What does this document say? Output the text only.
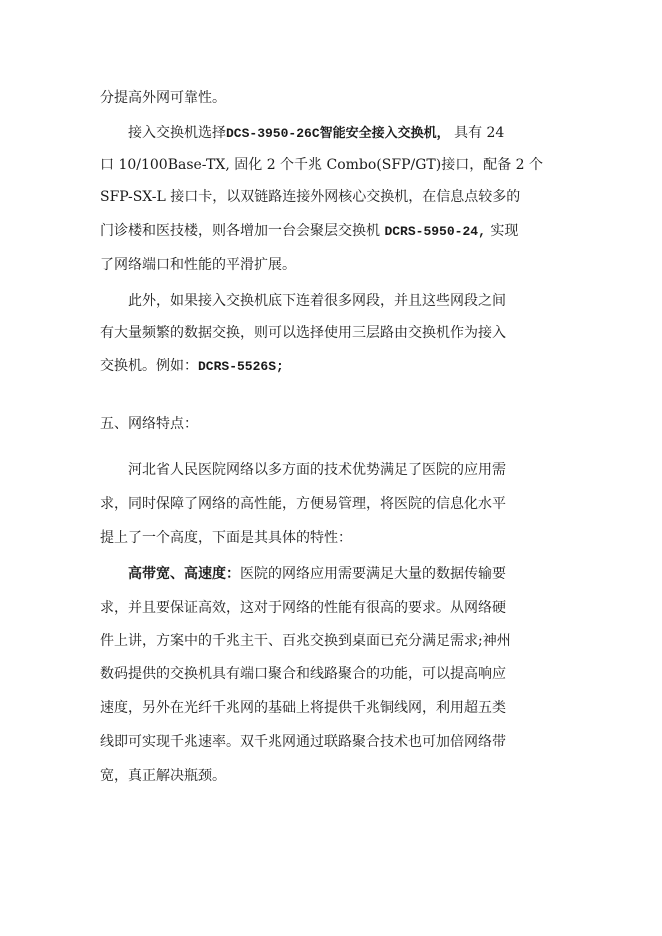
分提高外网可靠性。
接入交换机选择DCS-3950-26C智能安全接入交换机， 具有 24
口 10/100Base-TX, 固化 2 个千兆 Combo(SFP/GT)接口，配备 2 个
SFP-SX-L 接口卡，以双链路连接外网核心交换机，在信息点较多的
门诊楼和医技楼，则各增加一台会聚层交换机 DCRS-5950-24, 实现
了网络端口和性能的平滑扩展。
此外，如果接入交换机底下连着很多网段，并且这些网段之间
有大量频繁的数据交换，则可以选择使用三层路由交换机作为接入
交换机。例如：DCRS-5526S;
五、网络特点：
河北省人民医院网络以多方面的技术优势满足了医院的应用需
求，同时保障了网络的高性能，方便易管理，将医院的信息化水平
提上了一个高度，下面是其具体的特性：
高带宽、高速度：医院的网络应用需要满足大量的数据传输要
求，并且要保证高效，这对于网络的性能有很高的要求。从网络硬
件上讲，方案中的千兆主干、百兆交换到桌面已充分满足需求;神州
数码提供的交换机具有端口聚合和线路聚合的功能，可以提高响应
速度，另外在光纤千兆网的基础上将提供千兆铜线网，利用超五类
线即可实现千兆速率。双千兆网通过联路聚合技术也可加倍网络带
宽，真正解决瓶颈。
